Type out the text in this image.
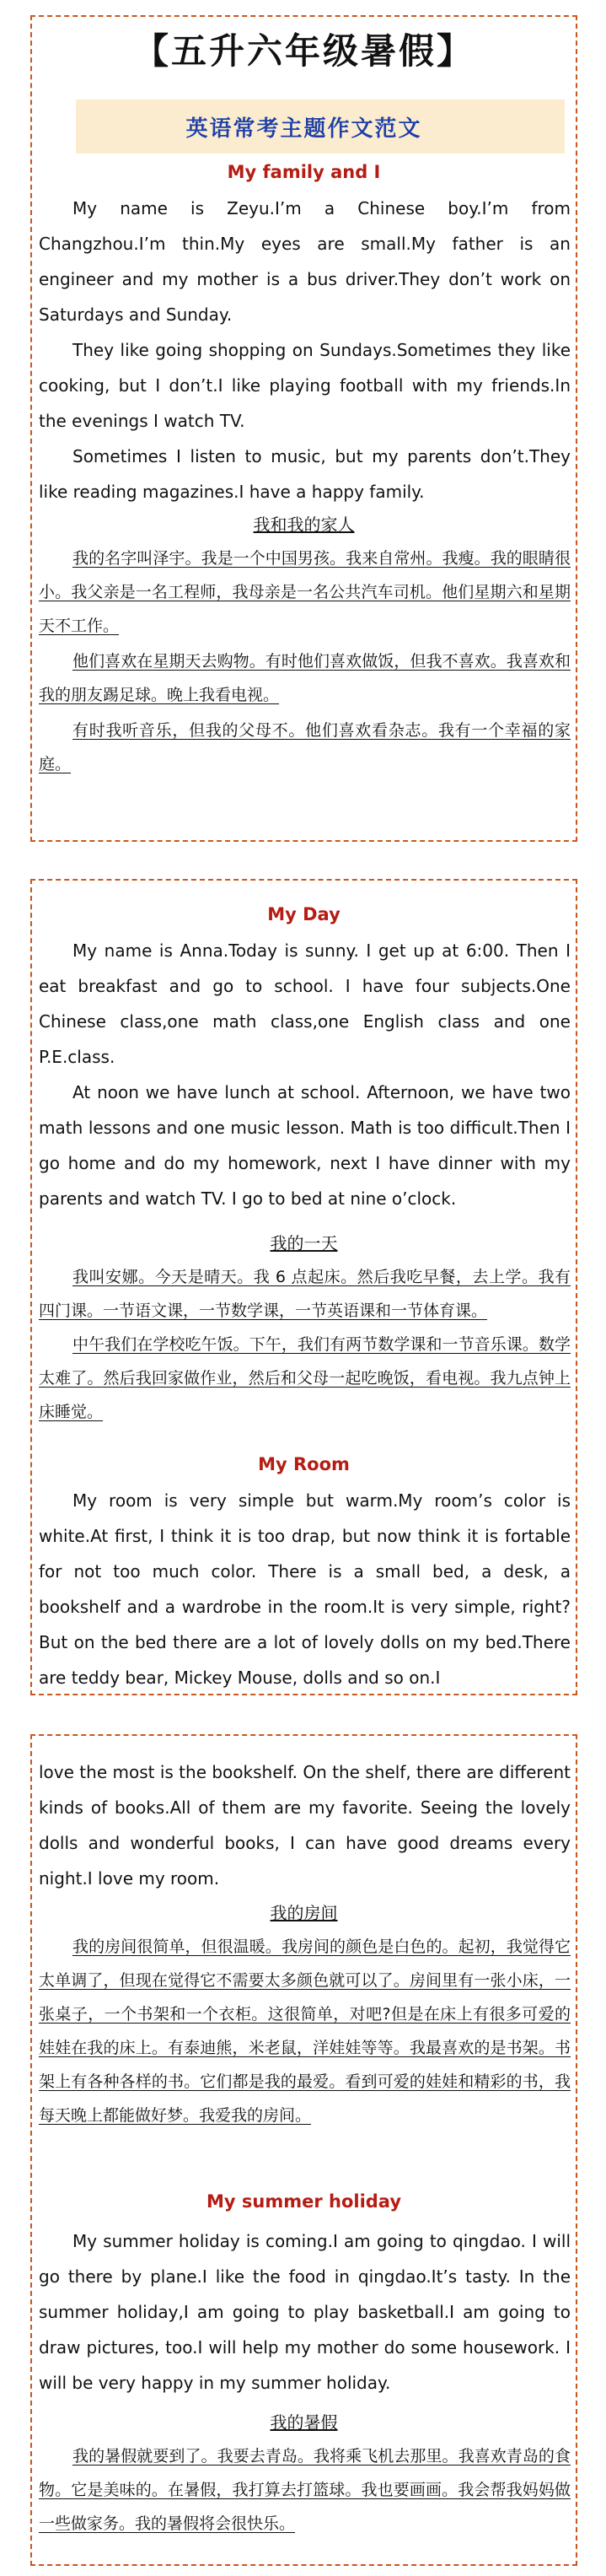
【五升六年级暑假】
英语常考主题作文范文
My family and I

My name is Zeyu.I’m a Chinese boy.I’m from Changzhou.I’m thin.My eyes are small.My father is an engineer and my mother is a bus driver.They don’t work on Saturdays and Sunday.

They like going shopping on Sundays.Sometimes they like cooking, but I don’t.I like playing football with my friends.In the evenings I watch TV.

Sometimes I listen to music, but my parents don’t.They like reading magazines.I have a happy family.

我和我的家人

我的名字叫泽宇。我是一个中国男孩。我来自常州。我瘦。我的眼睛很小。我父亲是一名工程师，我母亲是一名公共汽车司机。他们星期六和星期天不工作。

他们喜欢在星期天去购物。有时他们喜欢做饭，但我不喜欢。我喜欢和我的朋友踢足球。晚上我看电视。

有时我听音乐，但我的父母不。他们喜欢看杂志。我有一个幸福的家庭。

My Day

My name is Anna.Today is sunny. I get up at 6:00. Then I eat breakfast and go to school. I have four subjects.One Chinese class,one math class,one English class and one P.E.class.

At noon we have lunch at school. Afternoon, we have two math lessons and one music lesson. Math is too difficult.Then I go home and do my homework, next I have dinner with my parents and watch TV. I go to bed at nine o’clock.

我的一天

我叫安娜。今天是晴天。我 6 点起床。然后我吃早餐，去上学。我有四门课。一节语文课，一节数学课，一节英语课和一节体育课。

中午我们在学校吃午饭。下午，我们有两节数学课和一节音乐课。数学太难了。然后我回家做作业，然后和父母一起吃晚饭，看电视。我九点钟上床睡觉。

My Room

My room is very simple but warm.My room’s color is white.At first, I think it is too drap, but now think it is fortable for not too much color. There is a small bed, a desk, a bookshelf and a wardrobe in the room.It is very simple, right?But on the bed there are a lot of lovely dolls on my bed.There are teddy bear, Mickey Mouse, dolls and so on.I

love the most is the bookshelf. On the shelf, there are different kinds of books.All of them are my favorite. Seeing the lovely dolls and wonderful books, I can have good dreams every night.I love my room.

我的房间

我的房间很简单，但很温暖。我房间的颜色是白色的。起初，我觉得它太单调了，但现在觉得它不需要太多颜色就可以了。房间里有一张小床，一张桌子，一个书架和一个衣柜。这很简单，对吧?但是在床上有很多可爱的娃娃在我的床上。有泰迪熊，米老鼠，洋娃娃等等。我最喜欢的是书架。书架上有各种各样的书。它们都是我的最爱。看到可爱的娃娃和精彩的书，我每天晚上都能做好梦。我爱我的房间。

My summer holiday

My summer holiday is coming.I am going to qingdao. I will go there by plane.I like the food in qingdao.It’s tasty. In the summer holiday,I am going to play basketball.I am going to draw pictures, too.I will help my mother do some housework. I will be very happy in my summer holiday.

我的暑假

我的暑假就要到了。我要去青岛。我将乘飞机去那里。我喜欢青岛的食物。它是美味的。在暑假，我打算去打篮球。我也要画画。我会帮我妈妈做一些做家务。我的暑假将会很快乐。
